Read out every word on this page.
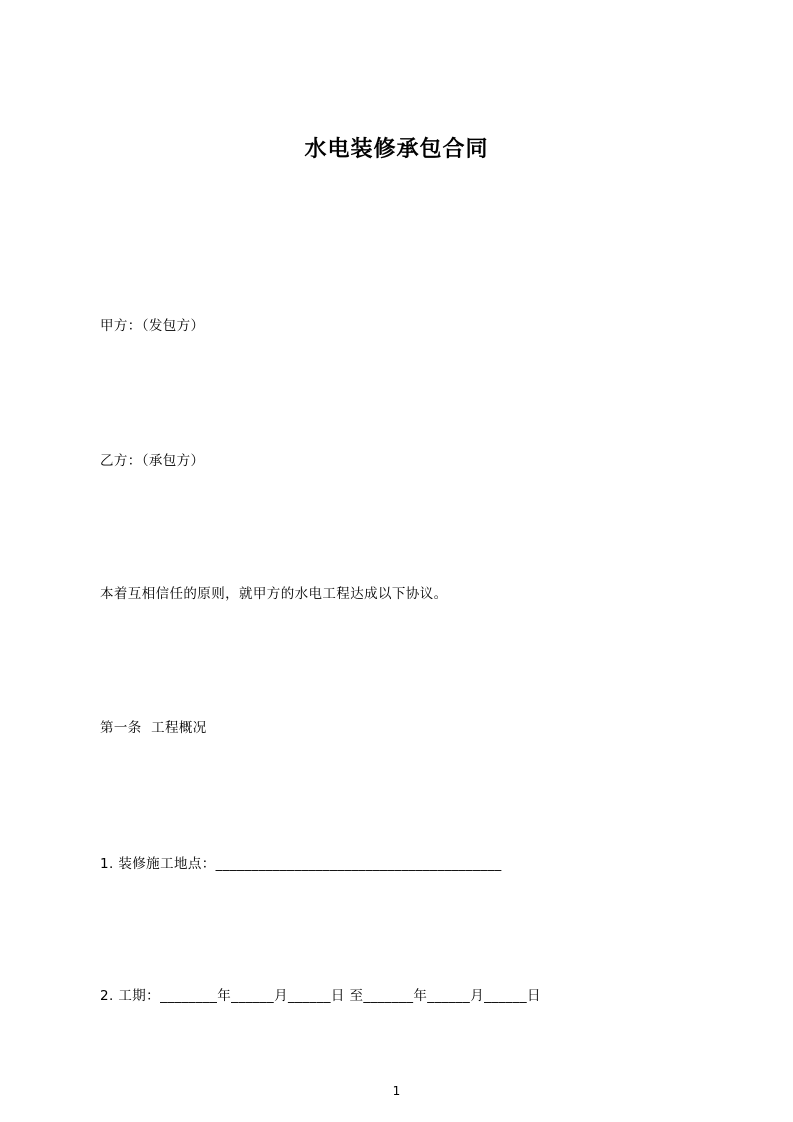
水电装修承包合同
甲方：（发包方）
乙方：（承包方）
本着互相信任的原则，就甲方的水电工程达成以下协议。
第一条  工程概况
1. 装修施工地点：________________________________________
2. 工期：________年______月______日 至_______年______月______日
1
